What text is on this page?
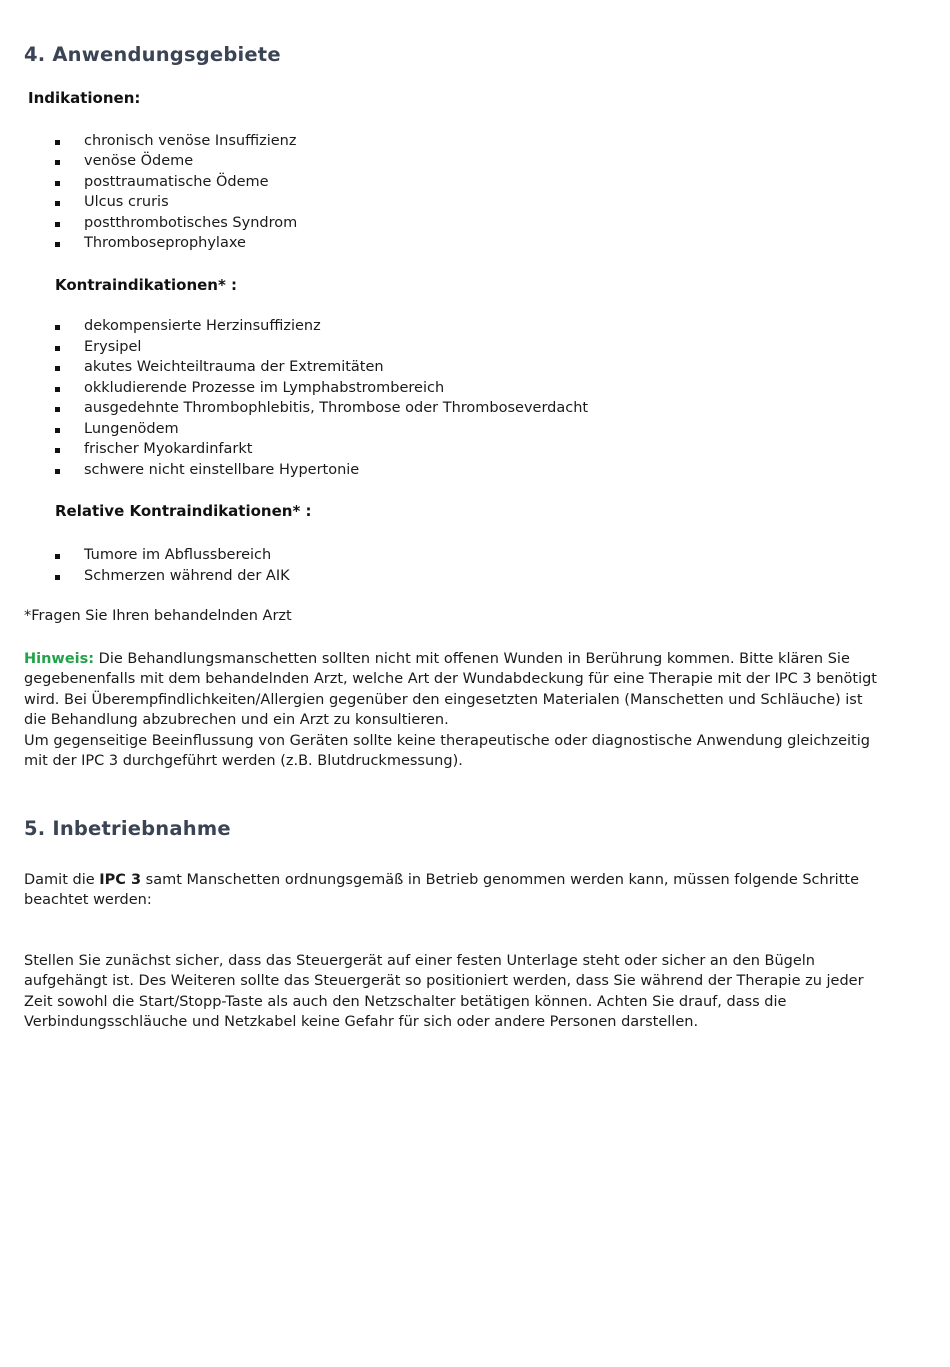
4. Anwendungsgebiete
Indikationen:
chronisch venöse Insuffizienz
venöse Ödeme
posttraumatische Ödeme
Ulcus cruris
postthrombotisches Syndrom
Thromboseprophylaxe
Kontraindikationen* :
dekompensierte Herzinsuffizienz
Erysipel
akutes Weichteiltrauma der Extremitäten
okkludierende Prozesse im Lymphabstrombereich
ausgedehnte Thrombophlebitis, Thrombose oder Thromboseverdacht
Lungenödem
frischer Myokardinfarkt
schwere nicht einstellbare Hypertonie
Relative Kontraindikationen* :
Tumore im Abflussbereich
Schmerzen während der AIK
*Fragen Sie Ihren behandelnden Arzt
Hinweis: Die Behandlungsmanschetten sollten nicht mit offenen Wunden in Berührung kommen. Bitte klären Sie
gegebenenfalls mit dem behandelnden Arzt, welche Art der Wundabdeckung für eine Therapie mit der IPC 3 benötigt
wird. Bei Überempfindlichkeiten/Allergien gegenüber den eingesetzten Materialen (Manschetten und Schläuche) ist
die Behandlung abzubrechen und ein Arzt zu konsultieren.
Um gegenseitige Beeinflussung von Geräten sollte keine therapeutische oder diagnostische Anwendung gleichzeitig
mit der IPC 3 durchgeführt werden (z.B. Blutdruckmessung).
5. Inbetriebnahme
Damit die IPC 3 samt Manschetten ordnungsgemäß in Betrieb genommen werden kann, müssen folgende Schritte
beachtet werden:
Stellen Sie zunächst sicher, dass das Steuergerät auf einer festen Unterlage steht oder sicher an den Bügeln
aufgehängt ist. Des Weiteren sollte das Steuergerät so positioniert werden, dass Sie während der Therapie zu jeder
Zeit sowohl die Start/Stopp-Taste als auch den Netzschalter betätigen können. Achten Sie drauf, dass die
Verbindungsschläuche und Netzkabel keine Gefahr für sich oder andere Personen darstellen.
